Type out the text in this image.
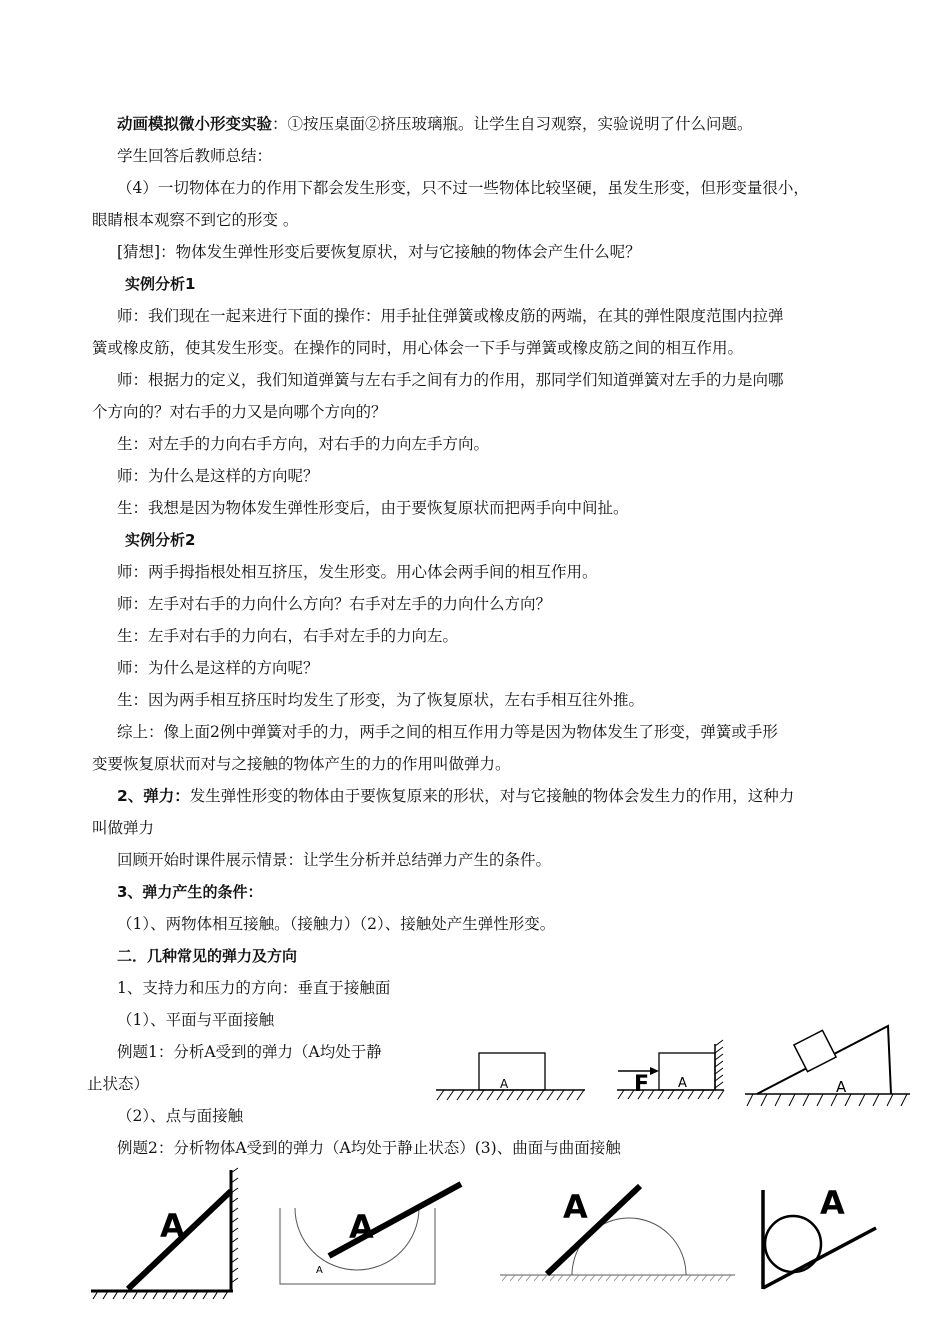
动画模拟微小形变实验：①按压桌面②挤压玻璃瓶。让学生自习观察，实验说明了什么问题。
学生回答后教师总结：
（4）一切物体在力的作用下都会发生形变，只不过一些物体比较坚硬，虽发生形变，但形变量很小，
眼睛根本观察不到它的形变 。
[猜想]：物体发生弹性形变后要恢复原状，对与它接触的物体会产生什么呢？
实例分析1
师：我们现在一起来进行下面的操作：用手扯住弹簧或橡皮筋的两端，在其的弹性限度范围内拉弹
簧或橡皮筋，使其发生形变。在操作的同时，用心体会一下手与弹簧或橡皮筋之间的相互作用。
师：根据力的定义，我们知道弹簧与左右手之间有力的作用，那同学们知道弹簧对左手的力是向哪
个方向的？对右手的力又是向哪个方向的？
生：对左手的力向右手方向，对右手的力向左手方向。
师：为什么是这样的方向呢？
生：我想是因为物体发生弹性形变后，由于要恢复原状而把两手向中间扯。
实例分析2
师：两手拇指根处相互挤压，发生形变。用心体会两手间的相互作用。
师：左手对右手的力向什么方向？右手对左手的力向什么方向？
生：左手对右手的力向右，右手对左手的力向左。
师：为什么是这样的方向呢？
生：因为两手相互挤压时均发生了形变，为了恢复原状，左右手相互往外推。
综上：像上面2例中弹簧对手的力，两手之间的相互作用力等是因为物体发生了形变，弹簧或手形
变要恢复原状而对与之接触的物体产生的力的作用叫做弹力。
2、弹力：发生弹性形变的物体由于要恢复原来的形状，对与它接触的物体会发生力的作用，这种力
叫做弹力
回顾开始时课件展示情景：让学生分析并总结弹力产生的条件。
3、弹力产生的条件：
（1）、两物体相互接触。（接触力）（2）、接触处产生弹性形变。
二．几种常见的弹力及方向
1、支持力和压力的方向：垂直于接触面
（1）、平面与平面接触
例题1：分析A受到的弹力（A均处于静
止状态）
（2）、点与面接触
例题2：分析物体A受到的弹力（A均处于静止状态）(3)、曲面与曲面接触
A	F A	A
A	A
A
A	A
